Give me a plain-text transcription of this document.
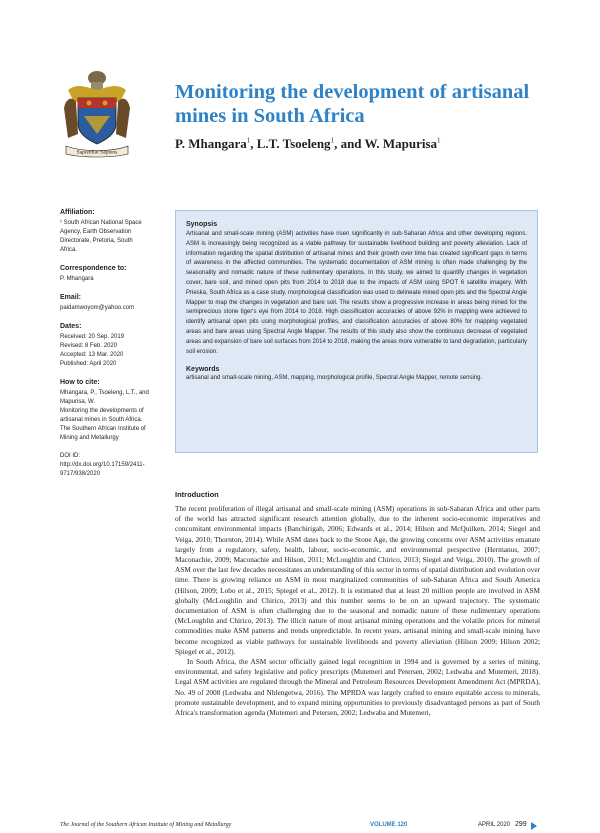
Sapientiæ·Sapiens
Monitoring the development of artisanal mines in South Africa

P. Mhangara$^1$, L.T. Tsoeleng$^1$, and W. Mapurisa$^1$

Affiliation:
¹ South African National Space
Agency, Earth Observation
Directorate, Pretoria, South
Africa.
Correspondence to:
P. Mhangara
Email:
paidamwoyom@yahoo.com
Dates:
Received: 20 Sep. 2019
Revised: 8 Feb. 2020
Accepted: 13 Mar. 2020
Published: April 2020
How to cite:
Mhangara, P., Tsoeleng, L.T., and
Mapurisa, W.
Monitoring the developments of
artisanal mines in South Africa.
The Southern African Institute of
Mining and Metallurgy
DOI ID:
http://dx.doi.org/10.17159/2411-
9717/938/2020

Synopsis

Artisanal and small-scale mining (ASM) activities have risen significantly in sub-Saharan Africa and other developing regions. ASM is increasingly being recognized as a viable pathway for sustainable livelihood building and poverty alleviation. Lack of information regarding the spatial distribution of artisanal mines and their growth over time has created significant gaps in terms of awareness in the affected communities. The systematic documentation of ASM mining is often made challenging by the seasonality and nomadic nature of these rudimentary operations. In this study, we aimed to quantify changes in vegetation cover, bare soil, and mined open pits from 2014 to 2018 due to the impacts of ASM using SPOT 6 satellite imagery. With Prieska, South Africa as a case study, morphological classification was used to delineate mined open pits and the Spectral Angle Mapper to map the changes in vegetation and bare soil. The results show a progressive increase in areas being mined for the semiprecious stone tiger's eye from 2014 to 2018. High classification accuracies of above 92% in mapping were achieved to identify artisanal open pits using morphological profiles, and classification accuracies of above 80% for mapping vegetated areas and bare areas using Spectral Angle Mapper. The results of this study also show the continuous decrease of vegetated areas and expansion of bare soil surfaces from 2014 to 2018, making the areas more vulnerable to land degradation, particularly soil erosion.

Keywords

artisanal and small-scale mining, ASM, mapping, morphological profile, Spectral Angle Mapper, remote sensing.

Introduction

The recent proliferation of illegal artisanal and small-scale mining (ASM) operations in sub-Saharan Africa and other parts of the world has attracted significant research attention globally, due to the inherent socio-economic imperatives and concomitant environmental impacts (Banchirigah, 2006; Edwards et al., 2014; Hilson and McQuilken, 2014; Siegel and Veiga, 2010; Thornton, 2014). While ASM dates back to the Stone Age, the growing concerns over ASM activities emanate largely from a regulatory, safety, health, labour, socio-economic, and environmental perspective (Hermanus, 2007; Maconachie, 2009; Maconachie and Hilson, 2011; McLoughlin and Chirico, 2013; Siegel and Veiga, 2010). The growth of ASM over the last few decades necessitates an understanding of this sector in terms of spatial distribution and evolution over time. There is growing reliance on ASM in most marginalized communities of sub-Saharan Africa and South America (Hilson, 2009; Lobo et al., 2015; Spiegel et al., 2012). It is estimated that at least 20 million people are involved in ASM globally (McLoughlin and Chirico, 2013) and this number seems to be on an upward trajectory. The systematic documentation of ASM is often challenging due to the seasonal and nomadic nature of these rudimentary operations (McLoughlin and Chirico, 2013). The illicit nature of most artisanal mining operations and the volatile prices for mineral commodities make ASM patterns and trends unpredictable. In recent years, artisanal mining and small-scale mining have become recognized as viable pathways for sustainable livelihoods and poverty alleviation (Hilson 2009; Hilson 2002; Spiegel et al., 2012).

In South Africa, the ASM sector officially gained legal recognition in 1994 and is governed by a series of mining, environmental, and safety legislative and policy prescripts (Mutemeri and Petersen, 2002; Ledwaba and Mutemeri, 2018). Legal ASM activities are regulated through the Mineral and Petroleum Resources Development Amendment Act (MPRDA), No. 49 of 2008 (Ledwaba and Nhlengetwa, 2016). The MPRDA was largely crafted to ensure equitable access to minerals, promote sustainable development, and to expand mining opportunities to previously disadvantaged persons as part of South Africa's transformation agenda (Mutemeri and Petersen, 2002; Ledwaba and Mutemeri,

The Journal of the Southern African Institute of Mining and Metallurgy	VOLUME 120	APRIL 2020 299
